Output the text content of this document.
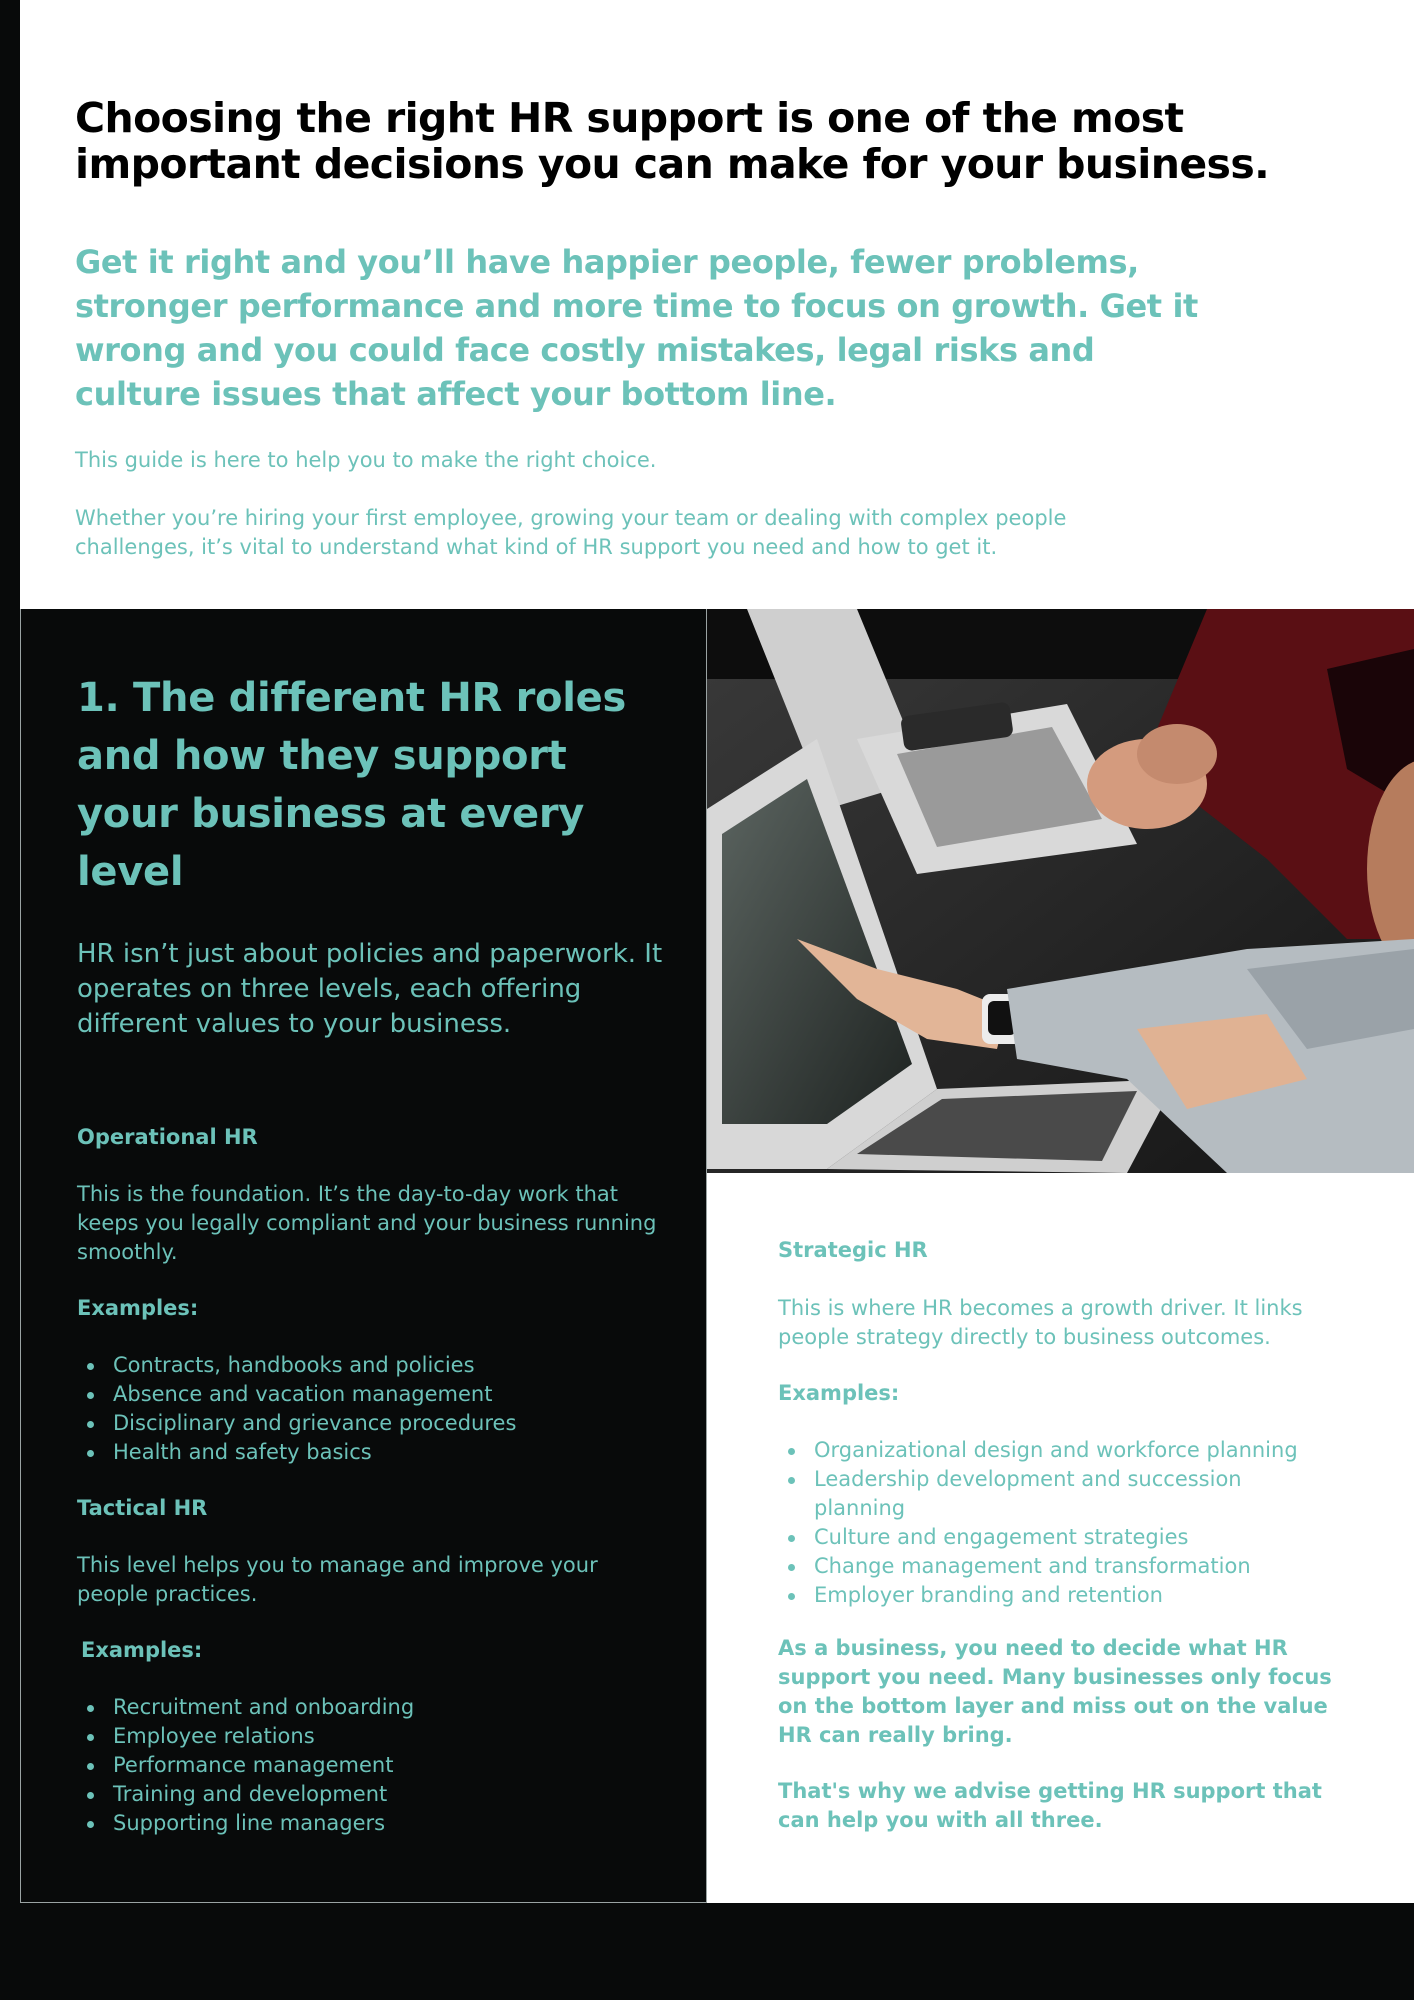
Choosing the right HR support is one of the most important decisions you can make for your business.

Get it right and you’ll have happier people, fewer problems, stronger performance and more time to focus on growth. Get it wrong and you could face costly mistakes, legal risks and culture issues that affect your bottom line.

This guide is here to help you to make the right choice.

Whether you’re hiring your first employee, growing your team or dealing with complex people challenges, it’s vital to understand what kind of HR support you need and how to get it.

1. The different HR roles and how they support your business at every level

HR isn’t just about policies and paperwork. It operates on three levels, each offering different values to your business.

Operational HR
This is the foundation. It’s the day-to-day work that keeps you legally compliant and your business running smoothly.
Examples:
Contracts, handbooks and policies
Absence and vacation management
Disciplinary and grievance procedures
Health and safety basics
Tactical HR
This level helps you to manage and improve your people practices.
Examples:
Recruitment and onboarding
Employee relations
Performance management
Training and development
Supporting line managers
Strategic HR
This is where HR becomes a growth driver. It links people strategy directly to business outcomes.
Examples:
Organizational design and workforce planning
Leadership development and succession planning
Culture and engagement strategies
Change management and transformation
Employer branding and retention
As a business, you need to decide what HR support you need. Many businesses only focus on the bottom layer and miss out on the value HR can really bring.
That's why we advise getting HR support that can help you with all three.
